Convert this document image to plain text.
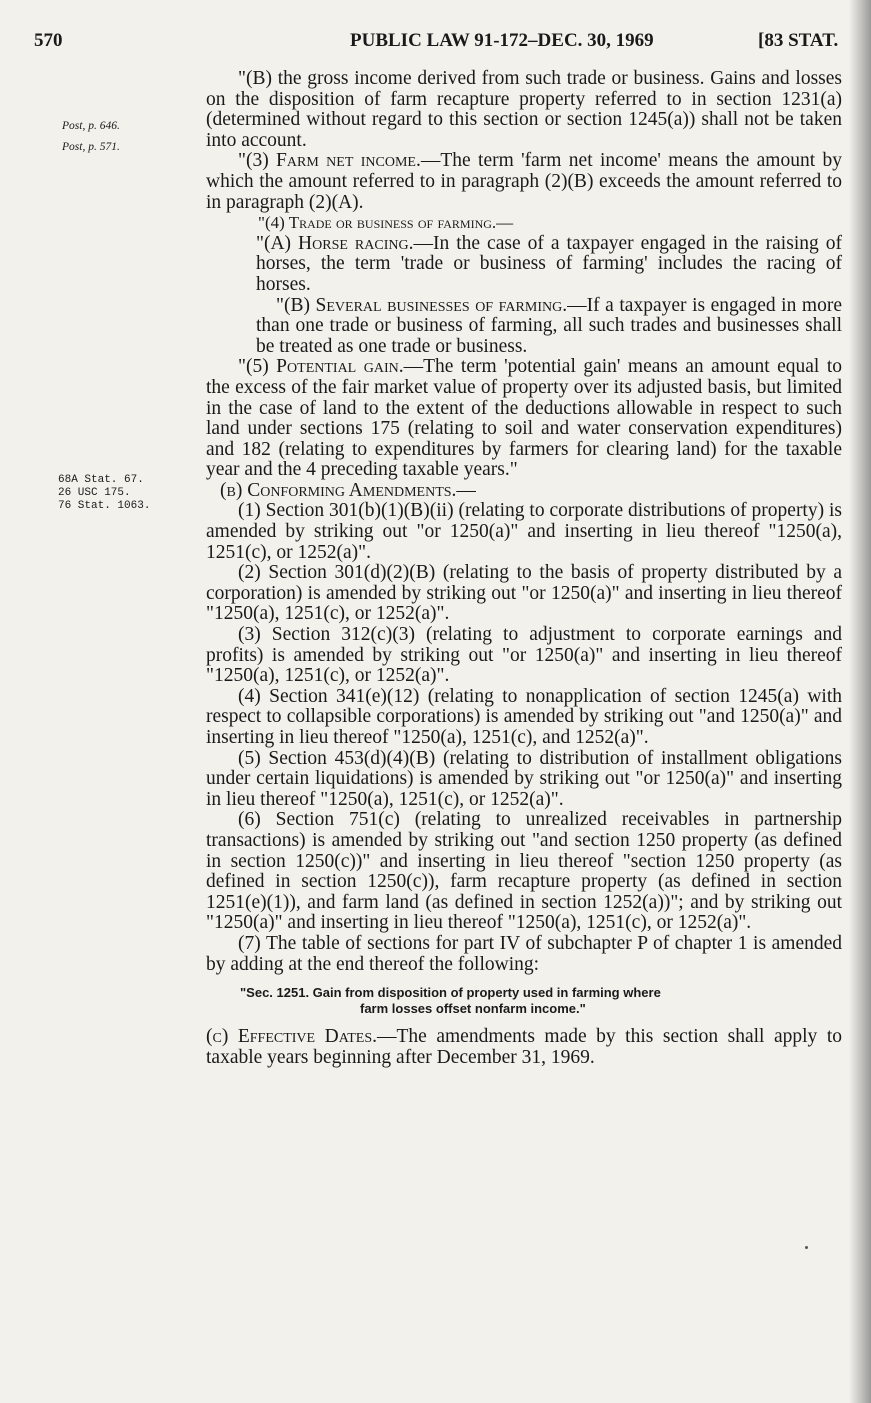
570	PUBLIC LAW 91-172–DEC. 30, 1969	[83 STAT.
Post, p. 646.
Post, p. 571.
68A Stat. 67.
26 USC 175.
76 Stat. 1063.

"(B) the gross income derived from such trade or business. Gains and losses on the disposition of farm recapture property referred to in section 1231(a) (determined without regard to this section or section 1245(a)) shall not be taken into account.

"(3) Farm net income.—The term 'farm net income' means the amount by which the amount referred to in paragraph (2)(B) exceeds the amount referred to in paragraph (2)(A).

"(4) Trade or business of farming.—

"(A) Horse racing.—In the case of a taxpayer engaged in the raising of horses, the term 'trade or business of farming' includes the racing of horses.

"(B) Several businesses of farming.—If a taxpayer is engaged in more than one trade or business of farming, all such trades and businesses shall be treated as one trade or business.

"(5) Potential gain.—The term 'potential gain' means an amount equal to the excess of the fair market value of property over its adjusted basis, but limited in the case of land to the extent of the deductions allowable in respect to such land under sections 175 (relating to soil and water conservation expenditures) and 182 (relating to expenditures by farmers for clearing land) for the taxable year and the 4 preceding taxable years."

(b) Conforming Amendments.—

(1) Section 301(b)(1)(B)(ii) (relating to corporate distributions of property) is amended by striking out "or 1250(a)" and inserting in lieu thereof "1250(a), 1251(c), or 1252(a)".

(2) Section 301(d)(2)(B) (relating to the basis of property distributed by a corporation) is amended by striking out "or 1250(a)" and inserting in lieu thereof "1250(a), 1251(c), or 1252(a)".

(3) Section 312(c)(3) (relating to adjustment to corporate earnings and profits) is amended by striking out "or 1250(a)" and inserting in lieu thereof "1250(a), 1251(c), or 1252(a)".

(4) Section 341(e)(12) (relating to nonapplication of section 1245(a) with respect to collapsible corporations) is amended by striking out "and 1250(a)" and inserting in lieu thereof "1250(a), 1251(c), and 1252(a)".

(5) Section 453(d)(4)(B) (relating to distribution of installment obligations under certain liquidations) is amended by striking out "or 1250(a)" and inserting in lieu thereof "1250(a), 1251(c), or 1252(a)".

(6) Section 751(c) (relating to unrealized receivables in partnership transactions) is amended by striking out "and section 1250 property (as defined in section 1250(c))" and inserting in lieu thereof "section 1250 property (as defined in section 1250(c)), farm recapture property (as defined in section 1251(e)(1)), and farm land (as defined in section 1252(a))"; and by striking out "1250(a)" and inserting in lieu thereof "1250(a), 1251(c), or 1252(a)".

(7) The table of sections for part IV of subchapter P of chapter 1 is amended by adding at the end thereof the following:

"Sec. 1251. Gain from disposition of property used in farming where
farm losses offset nonfarm income."

(c) Effective Dates.—The amendments made by this section shall apply to taxable years beginning after December 31, 1969.
